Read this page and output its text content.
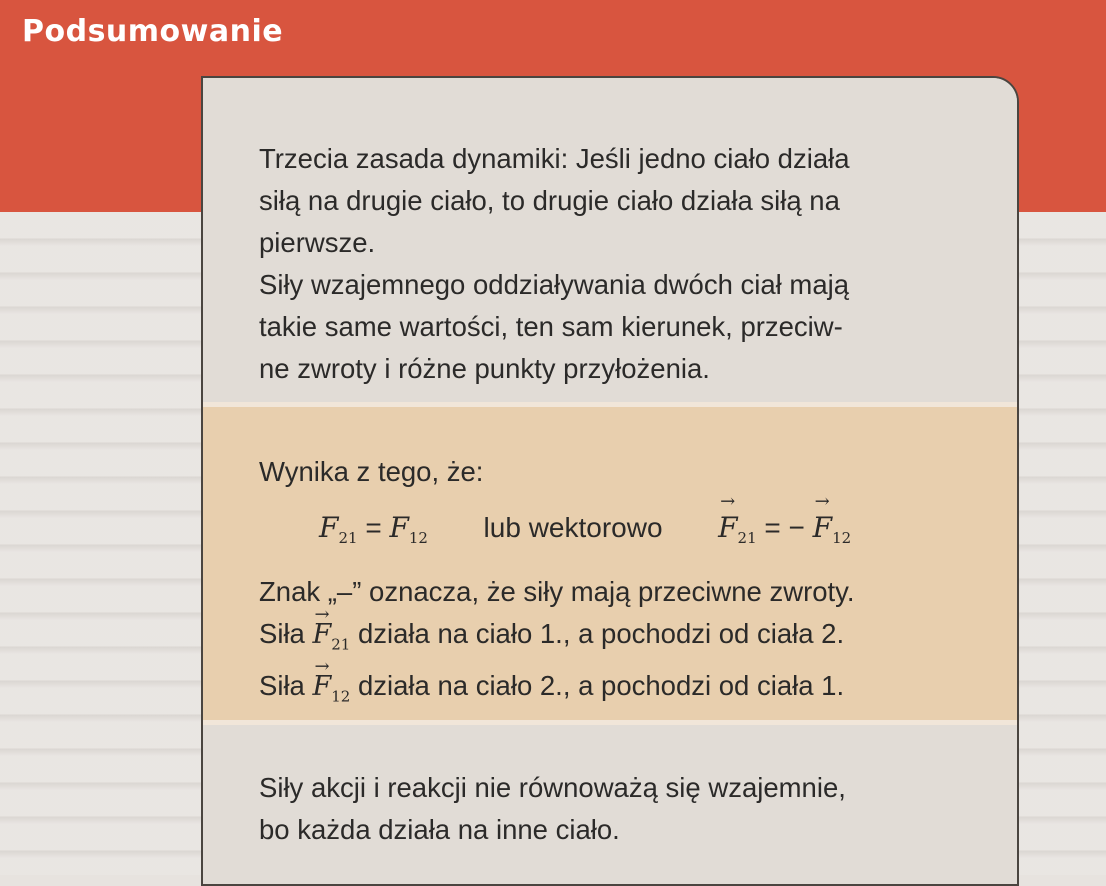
Podsumowanie

Trzecia zasada dynamiki: Jeśli jedno ciało działa
siłą na drugie ciało, to drugie ciało działa siłą na
pierwsze.
Siły wzajemnego oddziaływania dwóch ciał mają
takie same wartości, ten sam kierunek, przeciw-
ne zwroty i różne punkty przyłożenia.

Wynika z tego, że:

$F_{21} = F_{12}$ lub wektorowo → $F_{21}$ = − → $F_{12}$

Znak „–” oznacza, że siły mają przeciwne zwroty.
Siła → $F_{21}$ działa na ciało 1., a pochodzi od ciała 2.
Siła → $F_{12}$ działa na ciało 2., a pochodzi od ciała 1.

Siły akcji i reakcji nie równoważą się wzajemnie,
bo każda działa na inne ciało.
